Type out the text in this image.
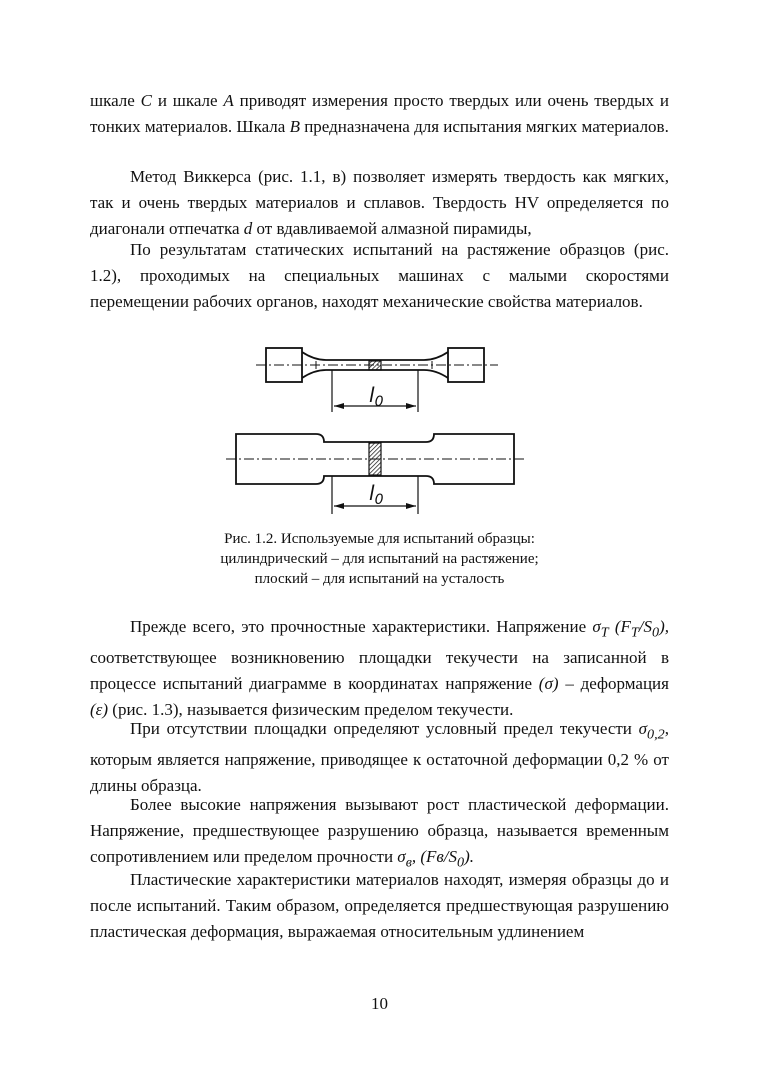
шкале C и шкале A приводят измерения просто твердых или очень твердых и тонких материалов. Шкала B предназначена для испытания мягких материалов.

Метод Виккерса (рис. 1.1, в) позволяет измерять твердость как мягких, так и очень твердых материалов и сплавов. Твердость HV определяется по диагонали отпечатка d от вдавливаемой алмазной пирамиды,

По результатам статических испытаний на растяжение образцов (рис. 1.2), проходимых на специальных машинах с малыми скоростями перемещении рабочих органов, находят механические свойства материалов.

$l_0$
$l_0$
Рис. 1.2. Используемые для испытаний образцы:
цилиндрический – для испытаний на растяжение;
плоский – для испытаний на усталость

Прежде всего, это прочностные характеристики. Напряжение $\sigma_Т$ $(F_Т/S_0)$, соответствующее возникновению площадки текучести на записанной в процессе испытаний диаграмме в координатах напряжение (σ) – деформация (ε) (рис. 1.3), называется физическим пределом текучести.

При отсутствии площадки определяют условный предел текучести $\sigma_{0,2}$, которым является напряжение, приводящее к остаточной деформации 0,2 % от длины образца.

Более высокие напряжения вызывают рост пластической деформации. Напряжение, предшествующее разрушению образца, называется временным сопротивлением или пределом прочности $\sigma_в$, $(Fв/S_0)$.

Пластические характеристики материалов находят, измеряя образцы до и после испытаний. Таким образом, определяется предшествующая разрушению пластическая деформация, выражаемая относительным удлинением

10
